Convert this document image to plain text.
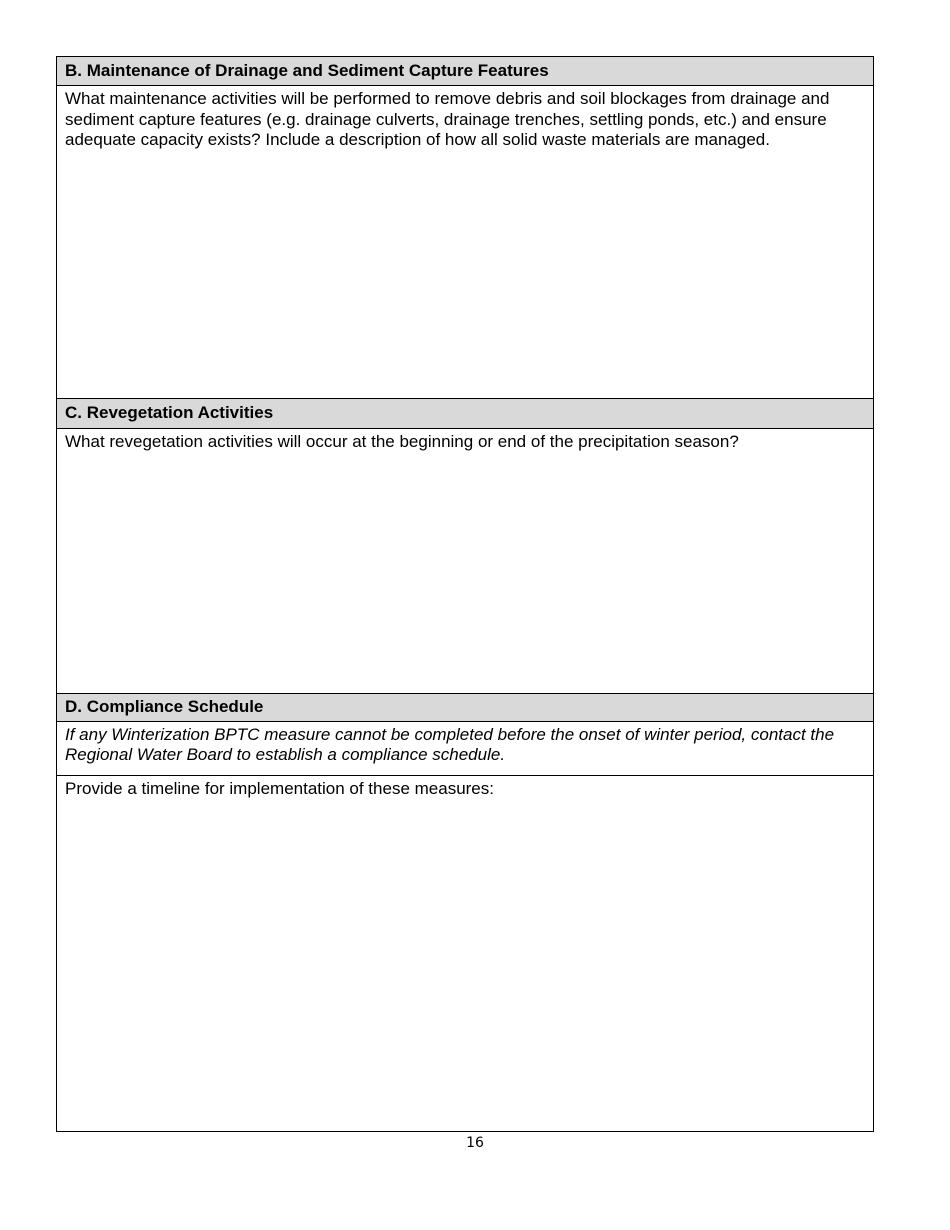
B. Maintenance of Drainage and Sediment Capture Features
What maintenance activities will be performed to remove debris and soil blockages from drainage and sediment capture features (e.g. drainage culverts, drainage trenches, settling ponds, etc.) and ensure adequate capacity exists? Include a description of how all solid waste materials are managed.
C. Revegetation Activities
What revegetation activities will occur at the beginning or end of the precipitation season?
D. Compliance Schedule
If any Winterization BPTC measure cannot be completed before the onset of winter period, contact the Regional Water Board to establish a compliance schedule.
Provide a timeline for implementation of these measures:
16
